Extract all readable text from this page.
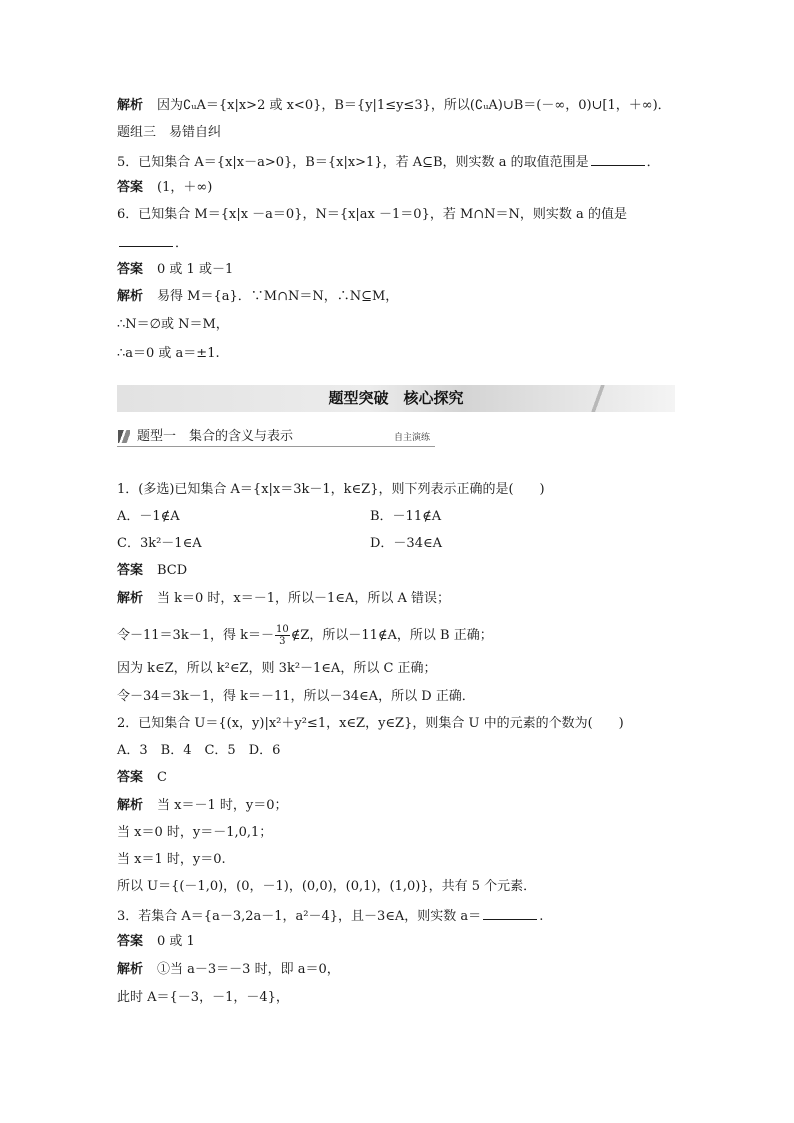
解析 因为∁ᵤA＝{x|x>2 或 x<0}，B＝{y|1≤y≤3}，所以(∁ᵤA)∪B＝(－∞，0)∪[1，＋∞)．
题组三　易错自纠
5．已知集合 A＝{x|x－a>0}，B＝{x|x>1}，若 A⊆B，则实数 a 的取值范围是	．
答案 (1，＋∞)
6．已知集合 M＝{x|x －a＝0}，N＝{x|ax －1＝0}，若 M∩N＝N，则实数 a 的值是
．
答案 0 或 1 或－1
解析 易得 M＝{a}．∵M∩N＝N，∴N⊆M，
∴N＝∅或 N＝M，
∴a＝0 或 a＝±1.
题型突破　核心探究
题型一　集合的含义与表示	自主演练
1．(多选)已知集合 A＝{x|x＝3k－1，k∈Z}，则下列表示正确的是(　　)
A．－1∉A	B．－11∉A
C．3k²－1∈A	D．－34∈A
答案 BCD
解析 当 k＝0 时，x＝－1，所以－1∈A，所以 A 错误；
令－11＝3k－1，得 $k=- \frac{10}{3}$ ∉Z，所以－11∉A，所以 B 正确；
因为 k∈Z，所以 k²∈Z，则 3k²－1∈A，所以 C 正确；
令－34＝3k－1，得 k＝－11，所以－34∈A，所以 D 正确．
2．已知集合 U＝{(x，y)|x²＋y²≤1，x∈Z，y∈Z}，则集合 U 中的元素的个数为(　　)
A．3　B．4　C．5　D．6
答案 C
解析 当 x＝－1 时，y＝0；
当 x＝0 时，y＝－1,0,1；
当 x＝1 时，y＝0.
所以 U＝{(－1,0)，(0，－1)，(0,0)，(0,1)，(1,0)}，共有 5 个元素．
3．若集合 A＝{a－3,2a－1，a²－4}，且－3∈A，则实数 a＝	.
答案 0 或 1
解析 ①当 a－3＝－3 时，即 a＝0，
此时 A＝{－3，－1，－4}，
